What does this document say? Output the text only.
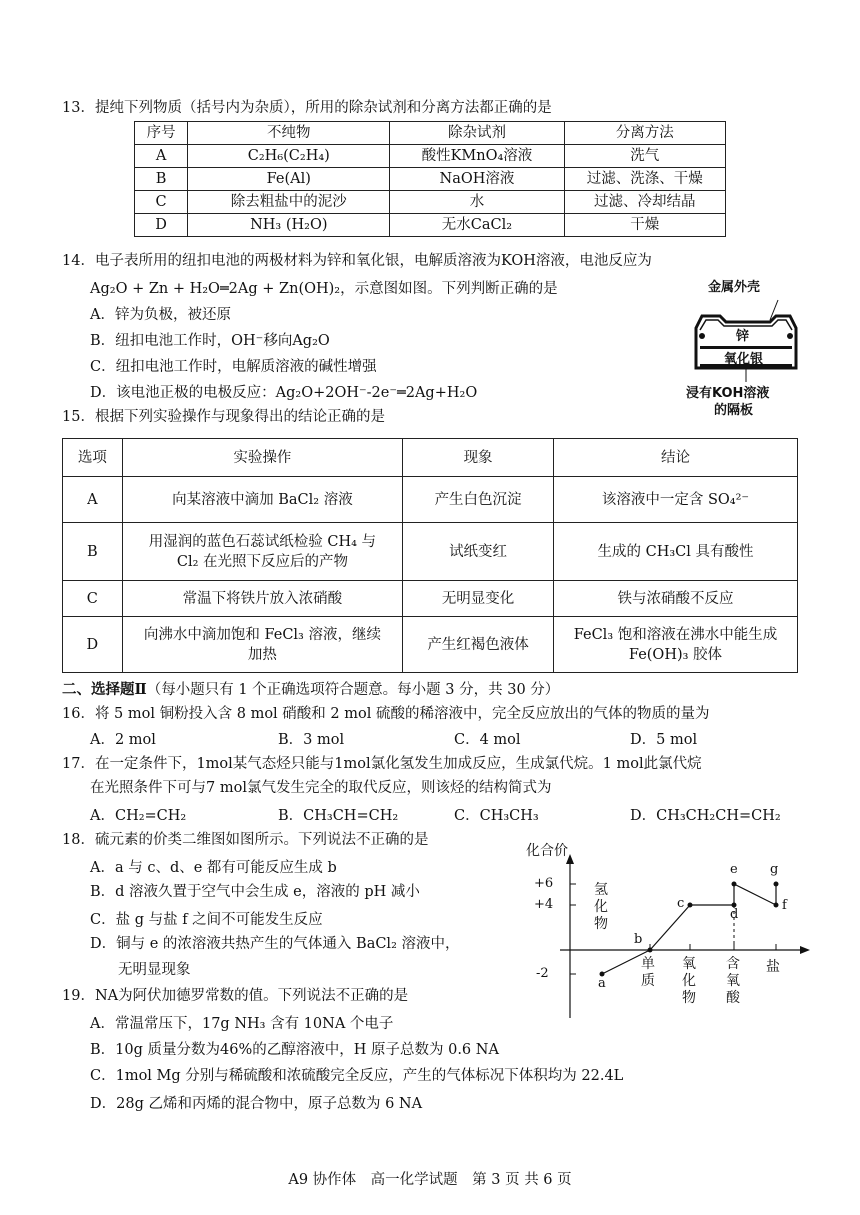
13．提纯下列物质（括号内为杂质），所用的除杂试剂和分离方法都正确的是
序号	不纯物	除杂试剂	分离方法
A	C₂H₆(C₂H₄)	酸性KMnO₄溶液	洗气
B	Fe(Al)	NaOH溶液	过滤、洗涤、干燥
C	除去粗盐中的泥沙	水	过滤、冷却结晶
D	NH₃ (H₂O)	无水CaCl₂	干燥
14．电子表所用的纽扣电池的两极材料为锌和氧化银，电解质溶液为KOH溶液，电池反应为
Ag₂O + Zn + H₂O═2Ag + Zn(OH)₂，示意图如图。下列判断正确的是
A．锌为负极，被还原
B．纽扣电池工作时，OH⁻移向Ag₂O
C．纽扣电池工作时，电解质溶液的碱性增强
D．该电池正极的电极反应：Ag₂O+2OH⁻-2e⁻═2Ag+H₂O
金属外壳
锌
氧化银
浸有KOH溶液
的隔板
15．根据下列实验操作与现象得出的结论正确的是
选项	实验操作	现象	结论
A	向某溶液中滴加 BaCl₂ 溶液	产生白色沉淀	该溶液中一定含 SO₄²⁻
B	用湿润的蓝色石蕊试纸检验 CH₄ 与 Cl₂ 在光照下反应后的产物	试纸变红	生成的 CH₃Cl 具有酸性
C	常温下将铁片放入浓硝酸	无明显变化	铁与浓硝酸不反应
D	向沸水中滴加饱和 FeCl₃ 溶液，继续加热	产生红褐色液体	FeCl₃ 饱和溶液在沸水中能生成 Fe(OH)₃ 胶体
二、选择题Ⅱ（每小题只有 1 个正确选项符合题意。每小题 3 分，共 30 分）
16．将 5 mol 铜粉投入含 8 mol 硝酸和 2 mol 硫酸的稀溶液中，完全反应放出的气体的物质的量为
A．2 mol	B．3 mol	C．4 mol	D．5 mol
17．在一定条件下，1mol某气态烃只能与1mol氯化氢发生加成反应，生成氯代烷。1 mol此氯代烷
在光照条件下可与7 mol氯气发生完全的取代反应，则该烃的结构简式为
A．CH₂=CH₂	B．CH₃CH=CH₂	C．CH₃CH₃	D．CH₃CH₂CH=CH₂
18．硫元素的价类二维图如图所示。下列说法不正确的是
A．a 与 c、d、e 都有可能反应生成 b
B．d 溶液久置于空气中会生成 e，溶液的 pH 减小
C．盐 g 与盐 f 之间不可能发生反应
D．铜与 e 的浓溶液共热产生的气体通入 BaCl₂ 溶液中，
无明显现象
化合价
+6
+4
-2
氢化物
单质
氧化物
含氧酸
盐
a
b
c
d
e
f
g
19．NA为阿伏加德罗常数的值。下列说法不正确的是
A．常温常压下，17g NH₃ 含有 10NA 个电子
B．10g 质量分数为46%的乙醇溶液中，H 原子总数为 0.6 NA
C．1mol Mg 分别与稀硫酸和浓硫酸完全反应，产生的气体标况下体积均为 22.4L
D．28g 乙烯和丙烯的混合物中，原子总数为 6 NA
A9 协作体　高一化学试题　第 3 页 共 6 页
